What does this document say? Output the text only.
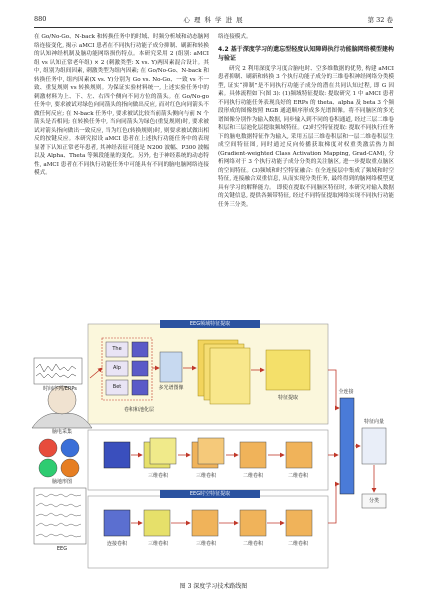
880	心 理 科 学 进 展	第 32 卷

在 Go/No-Go、N-back 和转换任务中的时域、时频分析域和动态脑网络连接变化, 揭示 aMCI 患者在不同执行功能子成分抑制、刷新和转换的认知神经机制及脑功能网络损伤特点。本研究采用 2 (组别: aMCI 组 vs 认知正常老年组) × 2 (刺激类型: X vs. Y)两因素混合设计。其中, 组别为组间因素, 刺激类型为组内因素; 在 Go/No-Go、N-back 和转换任务中, 组内因素(X vs. Y)分别为 Go vs. No-Go、一致 vs 不一致、重复规则 vs 转换规则。为保证实验材料统一, 上述实验任务中的刺激材料为上、下、左、右四个侧向不同方位的箭头。在 Go/No-go 任务中, 要求被试对绿色向同箭头的指向做出反应, 而对红色向同箭头不做任何反应; 在 N-back 任务中, 要求被试比较当前箭头侧向与前 N 个箭头是否相同; 在转换任务中, 当向同箭头为绿色(重复规则)时, 要求被试对箭头指向做出一致反应, 当为红色(转换规则)时, 则要求被试做出相反的按键反应。本研究拟设 aMCI 患者在上述执行功能任务中的表现显著下认知正常老年患者, 其神经表征可能是 N200 波幅、P300 波幅以及 Alpha、Theta 等频段能量的变化。另外, 也于神经系统的动态特性, aMCI 患者在不同执行功能任务中可能具有不同的脑电脑网络连接模式。

络连接模式。

4.2 基于深度学习的遗忘型轻度认知障碍执行功能脑网络模型建构与验证

研究 2 利用深度学习度合脑电时、空多维数据的优势, 构建 aMCI 患者抑制、刷新和转换 3 个执行功能子成分的三维卷积神经网络分类模型, 证实“抑制”是不同执行功能子成分的潜在共同认知过程, 即 G 因素。具体流程如下(图 3): (1)频域特征提取: 提取研究 1 中 aMCI 患者不同执行功能任务表现良好的 ERPs 的 theta、alpha 及 beta 3 个频段形成的图像按照 RGB 通道顺序形成多光谱图像。将不同脑区的多光谱图像分别作为输入数据, 同步输入到不同的卷积通道, 经过三层二维卷积层和三层池化层提取频域特征。(2)时空特征提取: 提取不同执行任务下的脑电数据特征作为输入, 采用五层三维卷积层和一层二维卷积层生成空间特征图, 同时通过反向传播获取梯度对权重类激活热力图(Gradient-weighted Class Activation Mapping, Grad-CAM), 分析网络对于 3 个执行功能子成分分类的关注脑区, 进一步提取重点脑区的空间特征。(3)频域和时空特征融合: 在全连接层中集成了频域和时空特征, 连接融合双重信息, 从而实现分类任务, 最终得到的脑网络模型更具有学习的解释能力。 即使在提取不同脑区特征时, 本研究对输入数据的关键信息, 提供各频带特征, 经过不同特征提取网络实现不同执行功能任务三分类。

EEG频域特征提取
EEG时空特征提取
The
Alp
Bet
时间序列/ERPs	多光谱图像
卷积和池化层
特征提取
脑电采集
脑地形图
EEG
三维卷积	三维卷积	二维卷积	二维卷积
连接卷积	三维卷积	三维卷积	二维卷积	二维卷积
全连接
特征向量
分类
图 3 深度学习技术路线图
